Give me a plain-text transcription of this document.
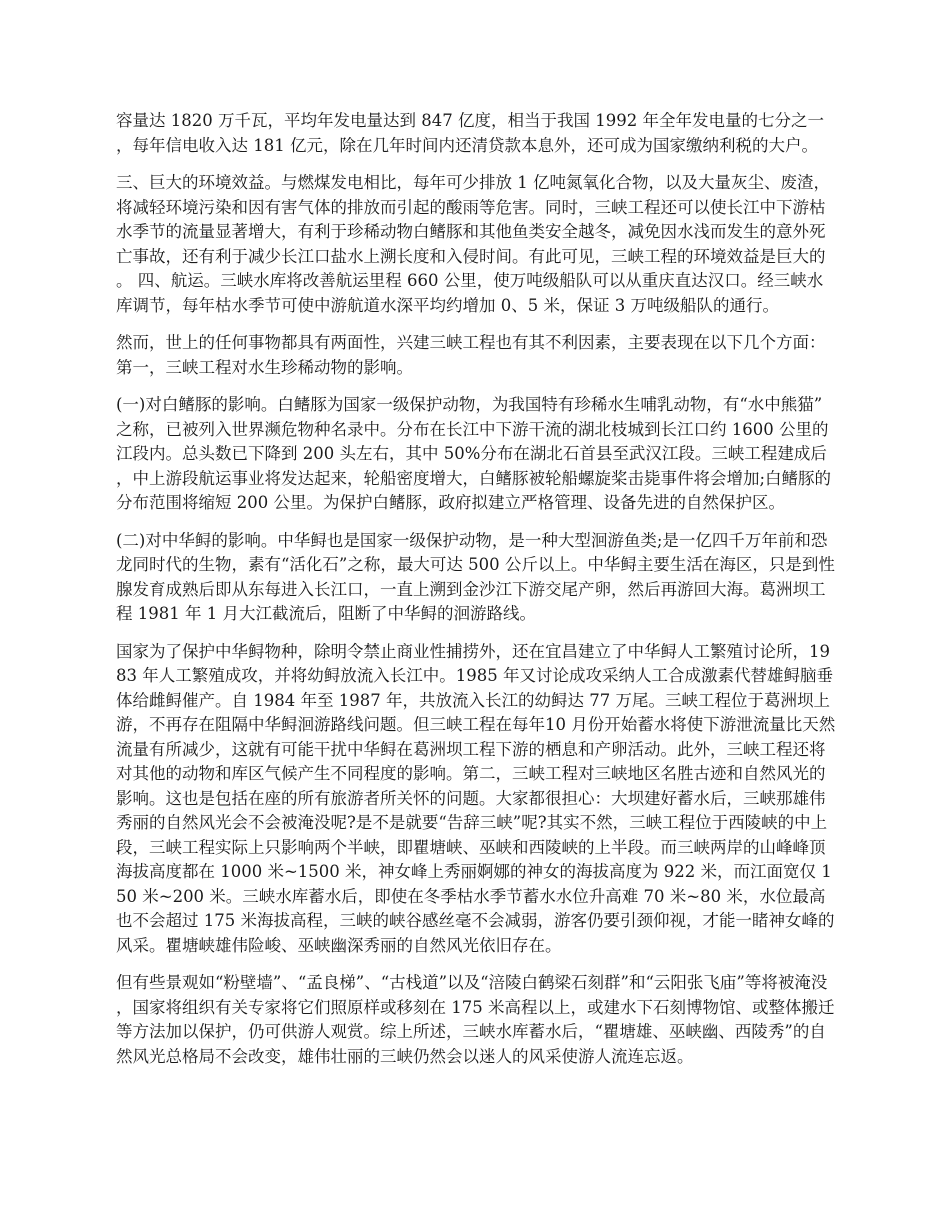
容量达 1820 万千瓦，平均年发电量达到 847 亿度，相当于我国 1992 年全年发电量的七分之一，每年信电收入达 181 亿元，除在几年时间内还清贷款本息外，还可成为国家缴纳利税的大户。

三、巨大的环境效益。与燃煤发电相比，每年可少排放 1 亿吨氮氧化合物，以及大量灰尘、废渣，将减轻环境污染和因有害气体的排放而引起的酸雨等危害。同时，三峡工程还可以使长江中下游枯水季节的流量显著增大，有利于珍稀动物白鳍豚和其他鱼类安全越冬，减免因水浅而发生的意外死亡事故，还有利于减少长江口盐水上溯长度和入侵时间。有此可见，三峡工程的环境效益是巨大的。 四、航运。三峡水库将改善航运里程 660 公里，使万吨级船队可以从重庆直达汉口。经三峡水库调节，每年枯水季节可使中游航道水深平均约增加 0、5 米，保证 3 万吨级船队的通行。

然而，世上的任何事物都具有两面性，兴建三峡工程也有其不利因素，主要表现在以下几个方面：第一，三峡工程对水生珍稀动物的影响。

(一)对白鳍豚的影响。白鳍豚为国家一级保护动物，为我国特有珍稀水生哺乳动物，有“水中熊猫”之称，已被列入世界濒危物种名录中。分布在长江中下游干流的湖北枝城到长江口约 1600 公里的江段内。总头数已下降到 200 头左右，其中 50%分布在湖北石首县至武汉江段。三峡工程建成后，中上游段航运事业将发达起来，轮船密度增大，白鳍豚被轮船螺旋桨击毙事件将会增加;白鳍豚的分布范围将缩短 200 公里。为保护白鳍豚，政府拟建立严格管理、设备先进的自然保护区。

(二)对中华鲟的影响。中华鲟也是国家一级保护动物，是一种大型洄游鱼类;是一亿四千万年前和恐龙同时代的生物，素有“活化石”之称，最大可达 500 公斤以上。中华鲟主要生活在海区，只是到性腺发育成熟后即从东每进入长江口，一直上溯到金沙江下游交尾产卵，然后再游回大海。葛洲坝工程 1981 年 1 月大江截流后，阻断了中华鲟的洄游路线。

国家为了保护中华鲟物种，除明令禁止商业性捕捞外，还在宜昌建立了中华鲟人工繁殖讨论所，1983 年人工繁殖成攻，并将幼鲟放流入长江中。1985 年又讨论成攻采纳人工合成激素代替雄鲟脑垂体给雌鲟催产。自 1984 年至 1987 年，共放流入长江的幼鲟达 77 万尾。三峡工程位于葛洲坝上游，不再存在阻隔中华鲟洄游路线问题。但三峡工程在每年10 月份开始蓄水将使下游泄流量比天然流量有所减少，这就有可能干扰中华鲟在葛洲坝工程下游的栖息和产卵活动。此外，三峡工程还将对其他的动物和库区气候产生不同程度的影响。第二，三峡工程对三峡地区名胜古迹和自然风光的影响。这也是包括在座的所有旅游者所关怀的问题。大家都很担心：大坝建好蓄水后，三峡那雄伟秀丽的自然风光会不会被淹没呢?是不是就要“告辞三峡”呢?其实不然，三峡工程位于西陵峡的中上段，三峡工程实际上只影响两个半峡，即瞿塘峡、巫峡和西陵峡的上半段。而三峡两岸的山峰峰顶海拔高度都在 1000 米~1500 米，神女峰上秀丽婀娜的神女的海拔高度为 922 米，而江面宽仅 150 米~200 米。三峡水库蓄水后，即使在冬季枯水季节蓄水水位升高难 70 米~80 米，水位最高也不会超过 175 米海拔高程，三峡的峡谷感丝毫不会减弱，游客仍要引颈仰视，才能一睹神女峰的风采。瞿塘峡雄伟险峻、巫峡幽深秀丽的自然风光依旧存在。

但有些景观如“粉壁墙”、“孟良梯”、“古栈道”以及“涪陵白鹤梁石刻群”和“云阳张飞庙”等将被淹没，国家将组织有关专家将它们照原样或移刻在 175 米高程以上，或建水下石刻博物馆、或整体搬迁等方法加以保护，仍可供游人观赏。综上所述，三峡水库蓄水后，“瞿塘雄、巫峡幽、西陵秀”的自然风光总格局不会改变，雄伟壮丽的三峡仍然会以迷人的风采使游人流连忘返。
